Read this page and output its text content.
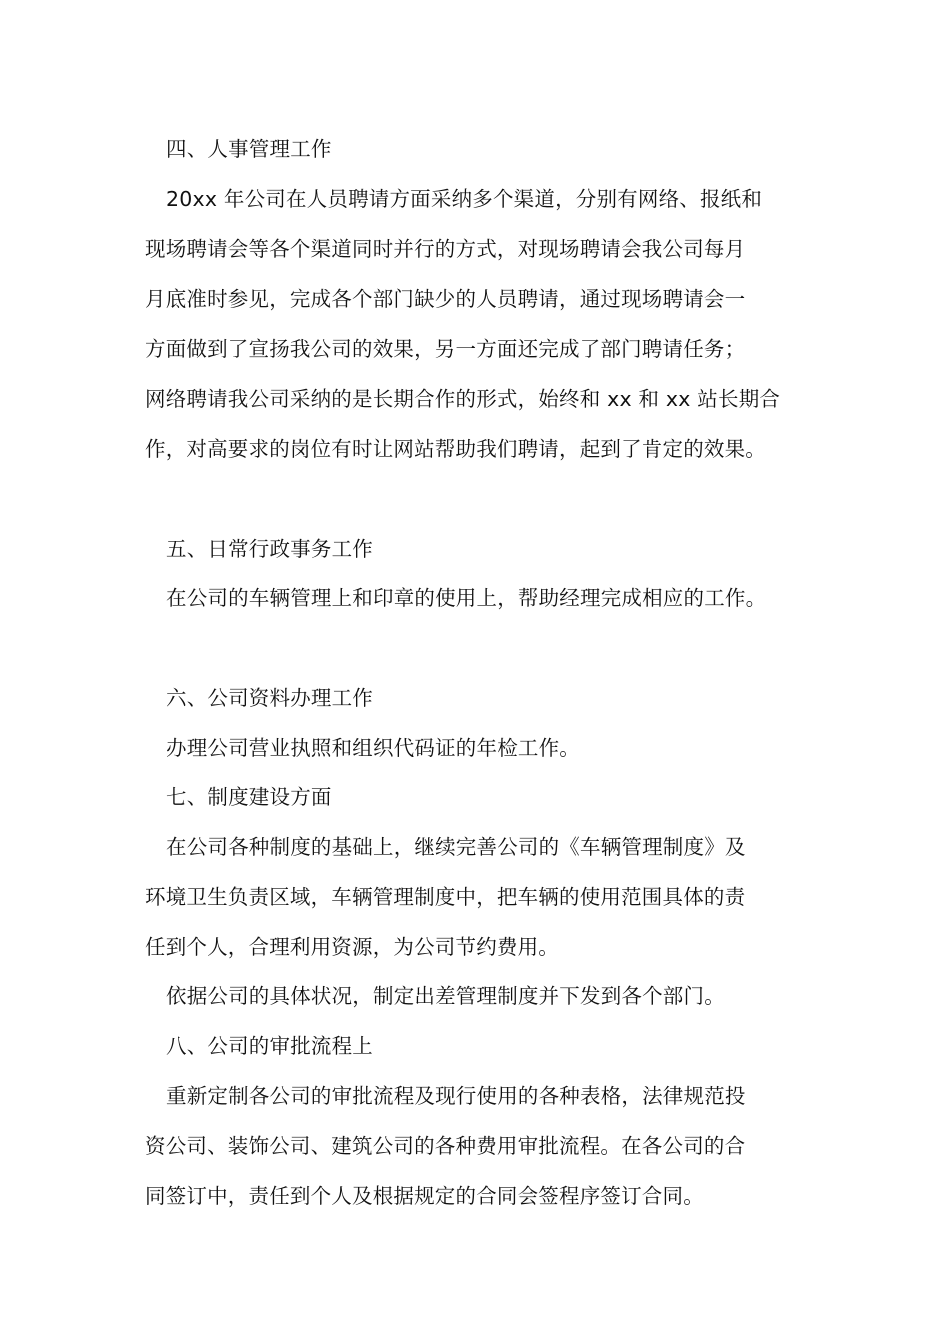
四、人事管理工作
20xx 年公司在人员聘请方面采纳多个渠道，分别有网络、报纸和
现场聘请会等各个渠道同时并行的方式，对现场聘请会我公司每月
月底准时参见，完成各个部门缺少的人员聘请，通过现场聘请会一
方面做到了宣扬我公司的效果，另一方面还完成了部门聘请任务；
网络聘请我公司采纳的是长期合作的形式，始终和 xx 和 xx 站长期合
作，对高要求的岗位有时让网站帮助我们聘请，起到了肯定的效果。
五、日常行政事务工作
在公司的车辆管理上和印章的使用上，帮助经理完成相应的工作。
六、公司资料办理工作
办理公司营业执照和组织代码证的年检工作。
七、制度建设方面
在公司各种制度的基础上，继续完善公司的《车辆管理制度》及
环境卫生负责区域，车辆管理制度中，把车辆的使用范围具体的责
任到个人，合理利用资源，为公司节约费用。
依据公司的具体状况，制定出差管理制度并下发到各个部门。
八、公司的审批流程上
重新定制各公司的审批流程及现行使用的各种表格，法律规范投
资公司、装饰公司、建筑公司的各种费用审批流程。在各公司的合
同签订中，责任到个人及根据规定的合同会签程序签订合同。
